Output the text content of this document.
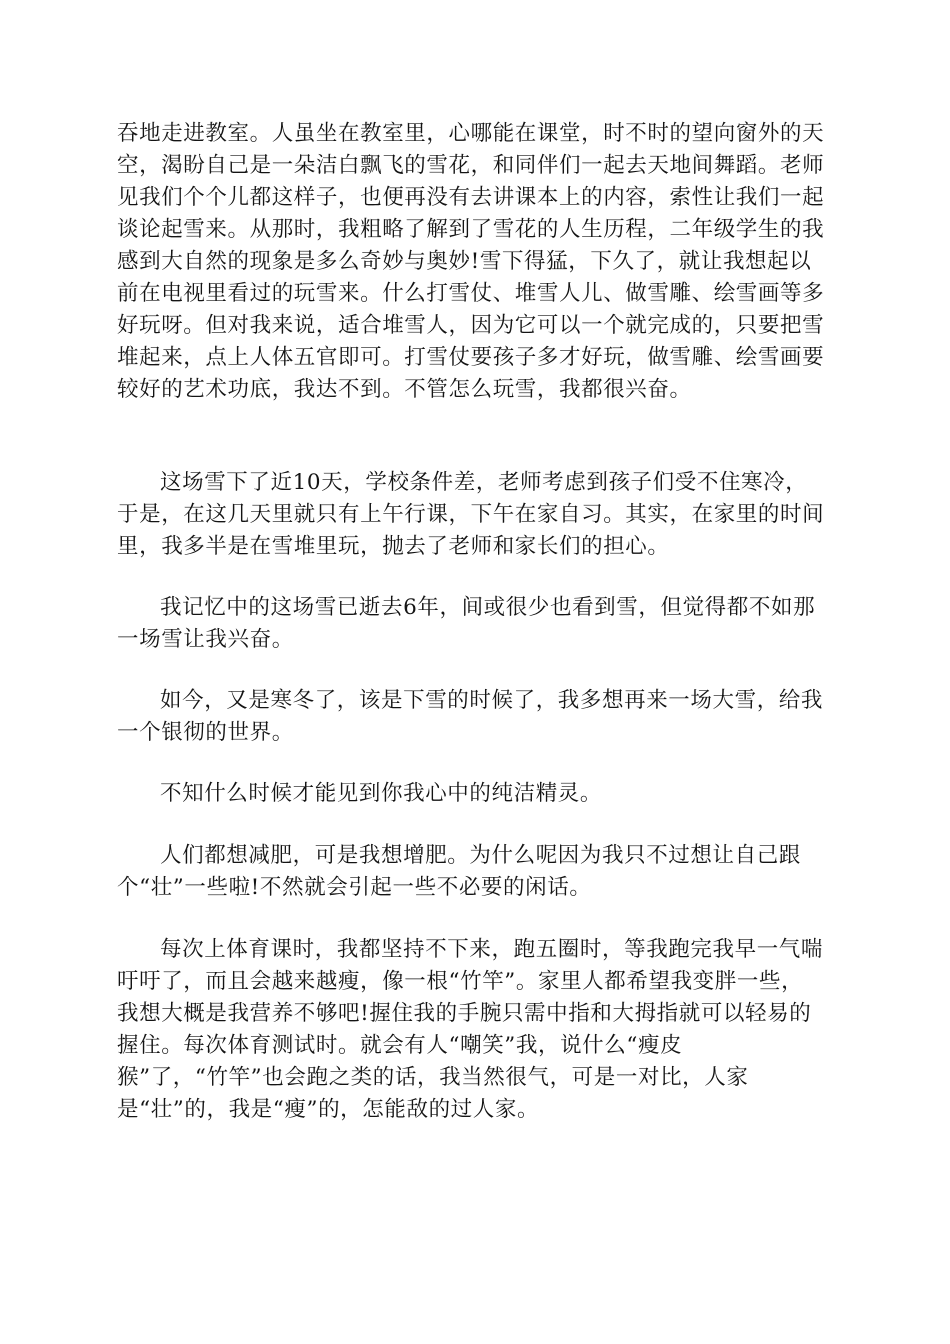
吞地走进教室。人虽坐在教室里，心哪能在课堂，时不时的望向窗外的天

空，渴盼自己是一朵洁白飘飞的雪花，和同伴们一起去天地间舞蹈。老师

见我们个个儿都这样子，也便再没有去讲课本上的内容，索性让我们一起

谈论起雪来。从那时，我粗略了解到了雪花的人生历程，二年级学生的我

感到大自然的现象是多么奇妙与奥妙!雪下得猛，下久了，就让我想起以

前在电视里看过的玩雪来。什么打雪仗、堆雪人儿、做雪雕、绘雪画等多

好玩呀。但对我来说，适合堆雪人，因为它可以一个就完成的，只要把雪

堆起来，点上人体五官即可。打雪仗要孩子多才好玩，做雪雕、绘雪画要

较好的艺术功底，我达不到。不管怎么玩雪，我都很兴奋。

这场雪下了近10天，学校条件差，老师考虑到孩子们受不住寒冷，

于是，在这几天里就只有上午行课，下午在家自习。其实，在家里的时间

里，我多半是在雪堆里玩，抛去了老师和家长们的担心。

我记忆中的这场雪已逝去6年，间或很少也看到雪，但觉得都不如那

一场雪让我兴奋。

如今，又是寒冬了，该是下雪的时候了，我多想再来一场大雪，给我

一个银彻的世界。

不知什么时候才能见到你我心中的纯洁精灵。

人们都想减肥，可是我想增肥。为什么呢因为我只不过想让自己跟

个“壮”一些啦!不然就会引起一些不必要的闲话。

每次上体育课时，我都坚持不下来，跑五圈时，等我跑完我早一气喘

吁吁了，而且会越来越瘦，像一根“竹竿”。家里人都希望我变胖一些，

我想大概是我营养不够吧!握住我的手腕只需中指和大拇指就可以轻易的

握住。每次体育测试时。就会有人“嘲笑”我，说什么“瘦皮

猴”了，“竹竿”也会跑之类的话，我当然很气，可是一对比，人家

是“壮”的，我是“瘦”的，怎能敌的过人家。
